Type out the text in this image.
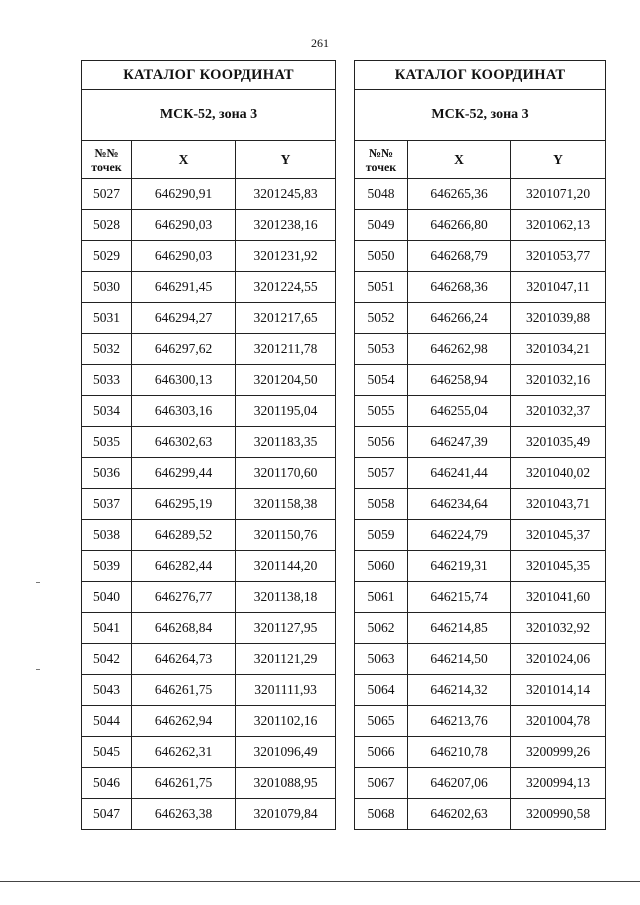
261
КАТАЛОГ КООРДИНАТ		
МСК-52, зона 3		
№№ точек	X	Y
5027	646290,91	3201245,83
5028	646290,03	3201238,16
5029	646290,03	3201231,92
5030	646291,45	3201224,55
5031	646294,27	3201217,65
5032	646297,62	3201211,78
5033	646300,13	3201204,50
5034	646303,16	3201195,04
5035	646302,63	3201183,35
5036	646299,44	3201170,60
5037	646295,19	3201158,38
5038	646289,52	3201150,76
5039	646282,44	3201144,20
5040	646276,77	3201138,18
5041	646268,84	3201127,95
5042	646264,73	3201121,29
5043	646261,75	3201111,93
5044	646262,94	3201102,16
5045	646262,31	3201096,49
5046	646261,75	3201088,95
5047	646263,38	3201079,84
КАТАЛОГ КООРДИНАТ		
МСК-52, зона 3		
№№ точек	X	Y
5048	646265,36	3201071,20
5049	646266,80	3201062,13
5050	646268,79	3201053,77
5051	646268,36	3201047,11
5052	646266,24	3201039,88
5053	646262,98	3201034,21
5054	646258,94	3201032,16
5055	646255,04	3201032,37
5056	646247,39	3201035,49
5057	646241,44	3201040,02
5058	646234,64	3201043,71
5059	646224,79	3201045,37
5060	646219,31	3201045,35
5061	646215,74	3201041,60
5062	646214,85	3201032,92
5063	646214,50	3201024,06
5064	646214,32	3201014,14
5065	646213,76	3201004,78
5066	646210,78	3200999,26
5067	646207,06	3200994,13
5068	646202,63	3200990,58
